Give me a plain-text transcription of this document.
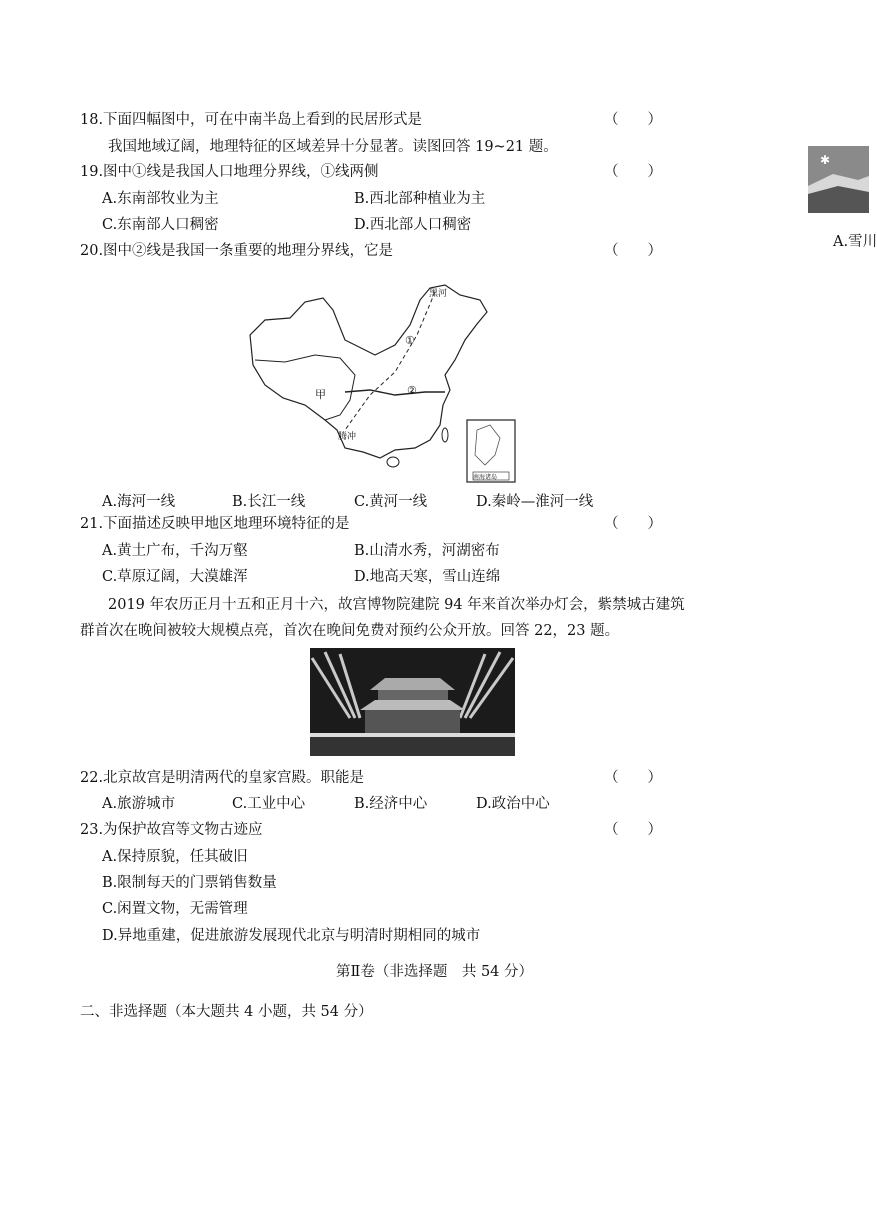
18.下面四幅图中，可在中南半岛上看到的民居形式是	（　　）
✱
A.雪川
我国地域辽阔，地理特征的区域差异十分显著。读图回答 19~21 题。
19.图中①线是我国人口地理分界线，①线两侧	（　　）
A.东南部牧业为主	B.西北部种植业为主
C.东南部人口稠密	D.西北部人口稠密
20.图中②线是我国一条重要的地理分界线，它是	（　　）
黑河
①
②
甲
腾冲
南海诸岛
A.海河一线	B.长江一线	C.黄河一线	D.秦岭—淮河一线
21.下面描述反映甲地区地理环境特征的是	（　　）
A.黄土广布，千沟万壑	B.山清水秀，河湖密布
C.草原辽阔，大漠雄浑	D.地高天寒，雪山连绵
2019 年农历正月十五和正月十六，故宫博物院建院 94 年来首次举办灯会，紫禁城古建筑
群首次在晚间被较大规模点亮，首次在晚间免费对预约公众开放。回答 22，23 题。
22.北京故宫是明清两代的皇家宫殿。职能是	（　　）
A.旅游城市	C.工业中心	B.经济中心	D.政治中心
23.为保护故宫等文物古迹应	（　　）
A.保持原貌，任其破旧
B.限制每天的门票销售数量
C.闲置文物，无需管理
D.异地重建，促进旅游发展现代北京与明清时期相同的城市
第Ⅱ卷（非选择题　共 54 分）
二、非选择题（本大题共 4 小题，共 54 分）
